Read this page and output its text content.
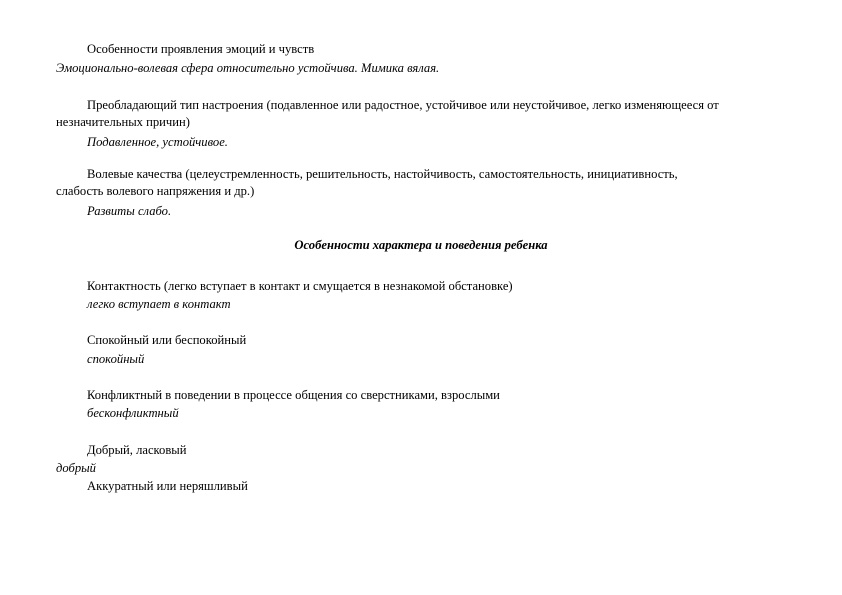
Особенности проявления эмоций и чувств
Эмоционально-волевая сфера относительно устойчива. Мимика вялая.
Преобладающий тип настроения (подавленное или радостное, устойчивое или неустойчивое, легко изменяющееся от
незначительных причин)
Подавленное, устойчивое.
Волевые качества (целеустремленность, решительность, настойчивость, самостоятельность, инициативность,
слабость волевого напряжения и др.)
Развиты слабо.
Особенности характера и поведения ребенка
Контактность (легко вступает в контакт и смущается в незнакомой обстановке)
легко вступает в контакт
Спокойный или беспокойный
спокойный
Конфликтный в поведении в процессе общения со сверстниками, взрослыми
бесконфликтный
Добрый, ласковый
добрый
Аккуратный или неряшливый
